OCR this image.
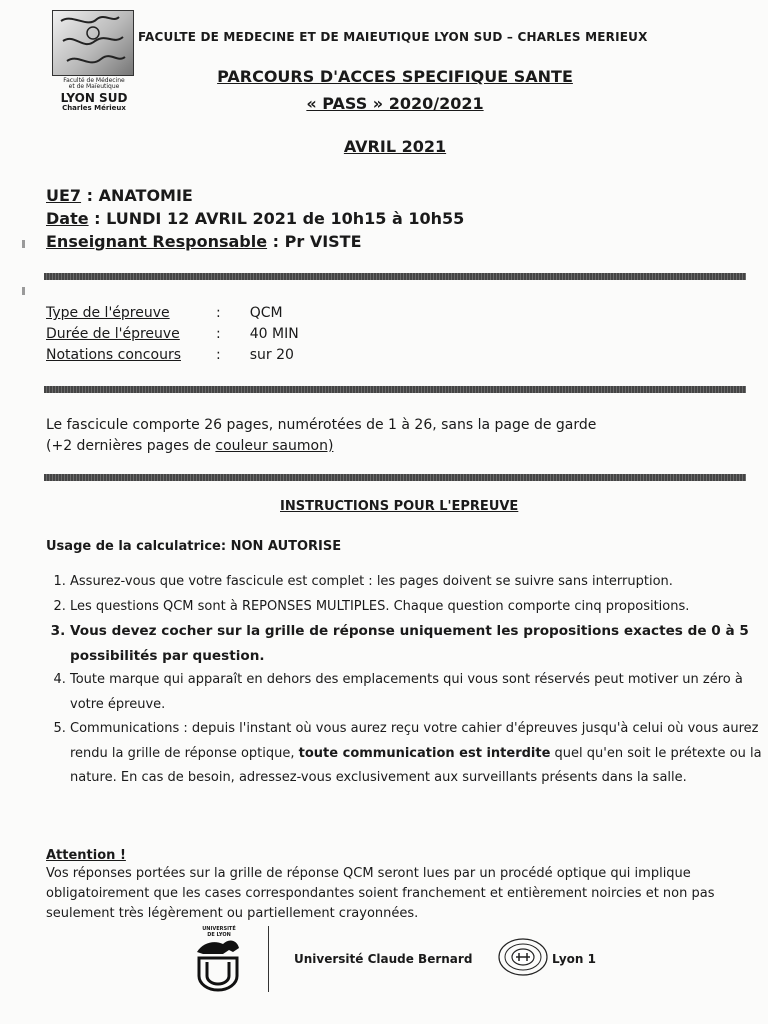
Faculté de Médecine
et de Maïeutique
LYON SUD
Charles Mérieux
FACULTE DE MEDECINE ET DE MAIEUTIQUE LYON SUD – CHARLES MERIEUX
PARCOURS D'ACCES SPECIFIQUE SANTE
« PASS » 2020/2021
AVRIL 2021
UE7 : ANATOMIE
Date : LUNDI 12 AVRIL 2021 de 10h15 à 10h55
Enseignant Responsable : Pr VISTE
Type de l'épreuve	: QCM
Durée de l'épreuve	: 40 MIN
Notations concours	: sur 20
Le fascicule comporte 26 pages, numérotées de 1 à 26, sans la page de garde
(+2 dernières pages de couleur saumon)
INSTRUCTIONS POUR L'EPREUVE
Usage de la calculatrice: NON AUTORISE
1. Assurez-vous que votre fascicule est complet : les pages doivent se suivre sans interruption.
2. Les questions QCM sont à REPONSES MULTIPLES. Chaque question comporte cinq propositions.
3. Vous devez cocher sur la grille de réponse uniquement les propositions exactes de 0 à 5 possibilités par question.
4. Toute marque qui apparaît en dehors des emplacements qui vous sont réservés peut motiver un zéro à votre épreuve.
5. Communications : depuis l'instant où vous aurez reçu votre cahier d'épreuves jusqu'à celui où vous aurez rendu la grille de réponse optique, toute communication est interdite quel qu'en soit le prétexte ou la nature. En cas de besoin, adressez-vous exclusivement aux surveillants présents dans la salle.
Attention !
Vos réponses portées sur la grille de réponse QCM seront lues par un procédé optique qui implique obligatoirement que les cases correspondantes soient franchement et entièrement noircies et non pas seulement très légèrement ou partiellement crayonnées.
UNIVERSITÉ DE LYON
Université Claude Bernard	Lyon 1
